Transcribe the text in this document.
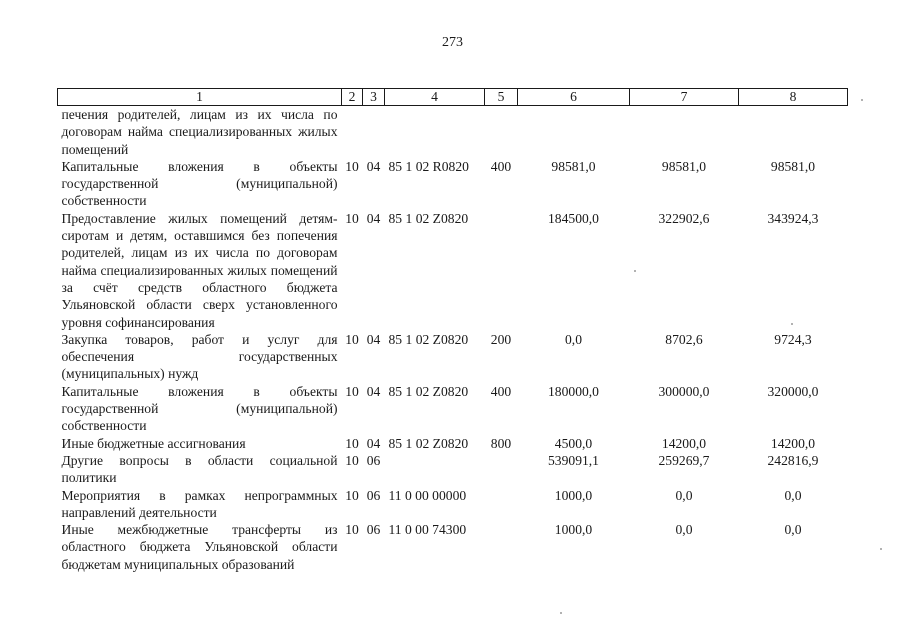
273
1	2	3	4	5	6	7	8
печения родителей, лицам из их числа по договорам найма специализированных жилых помещений							
Капитальные вложения в объекты государственной (муниципальной) собственности	10	04	85 1 02 R0820	400	98581,0	98581,0	98581,0
Предоставление жилых помещений детям-сиротам и детям, оставшимся без попечения родителей, лицам из их числа по договорам найма специализированных жилых помещений за счёт средств областного бюджета Ульяновской области сверх установленного уровня софинансирования	10	04	85 1 02 Z0820		184500,0	322902,6	343924,3
Закупка товаров, работ и услуг для обеспечения государственных (муниципальных) нужд	10	04	85 1 02 Z0820	200	0,0	8702,6	9724,3
Капитальные вложения в объекты государственной (муниципальной) собственности	10	04	85 1 02 Z0820	400	180000,0	300000,0	320000,0
Иные бюджетные ассигнования	10	04	85 1 02 Z0820	800	4500,0	14200,0	14200,0
Другие вопросы в области социальной политики	10	06			539091,1	259269,7	242816,9
Мероприятия в рамках непрограммных направлений деятельности	10	06	11 0 00 00000		1000,0	0,0	0,0
Иные межбюджетные трансферты из областного бюджета Ульяновской области бюджетам муниципальных образований	10	06	11 0 00 74300		1000,0	0,0	0,0
